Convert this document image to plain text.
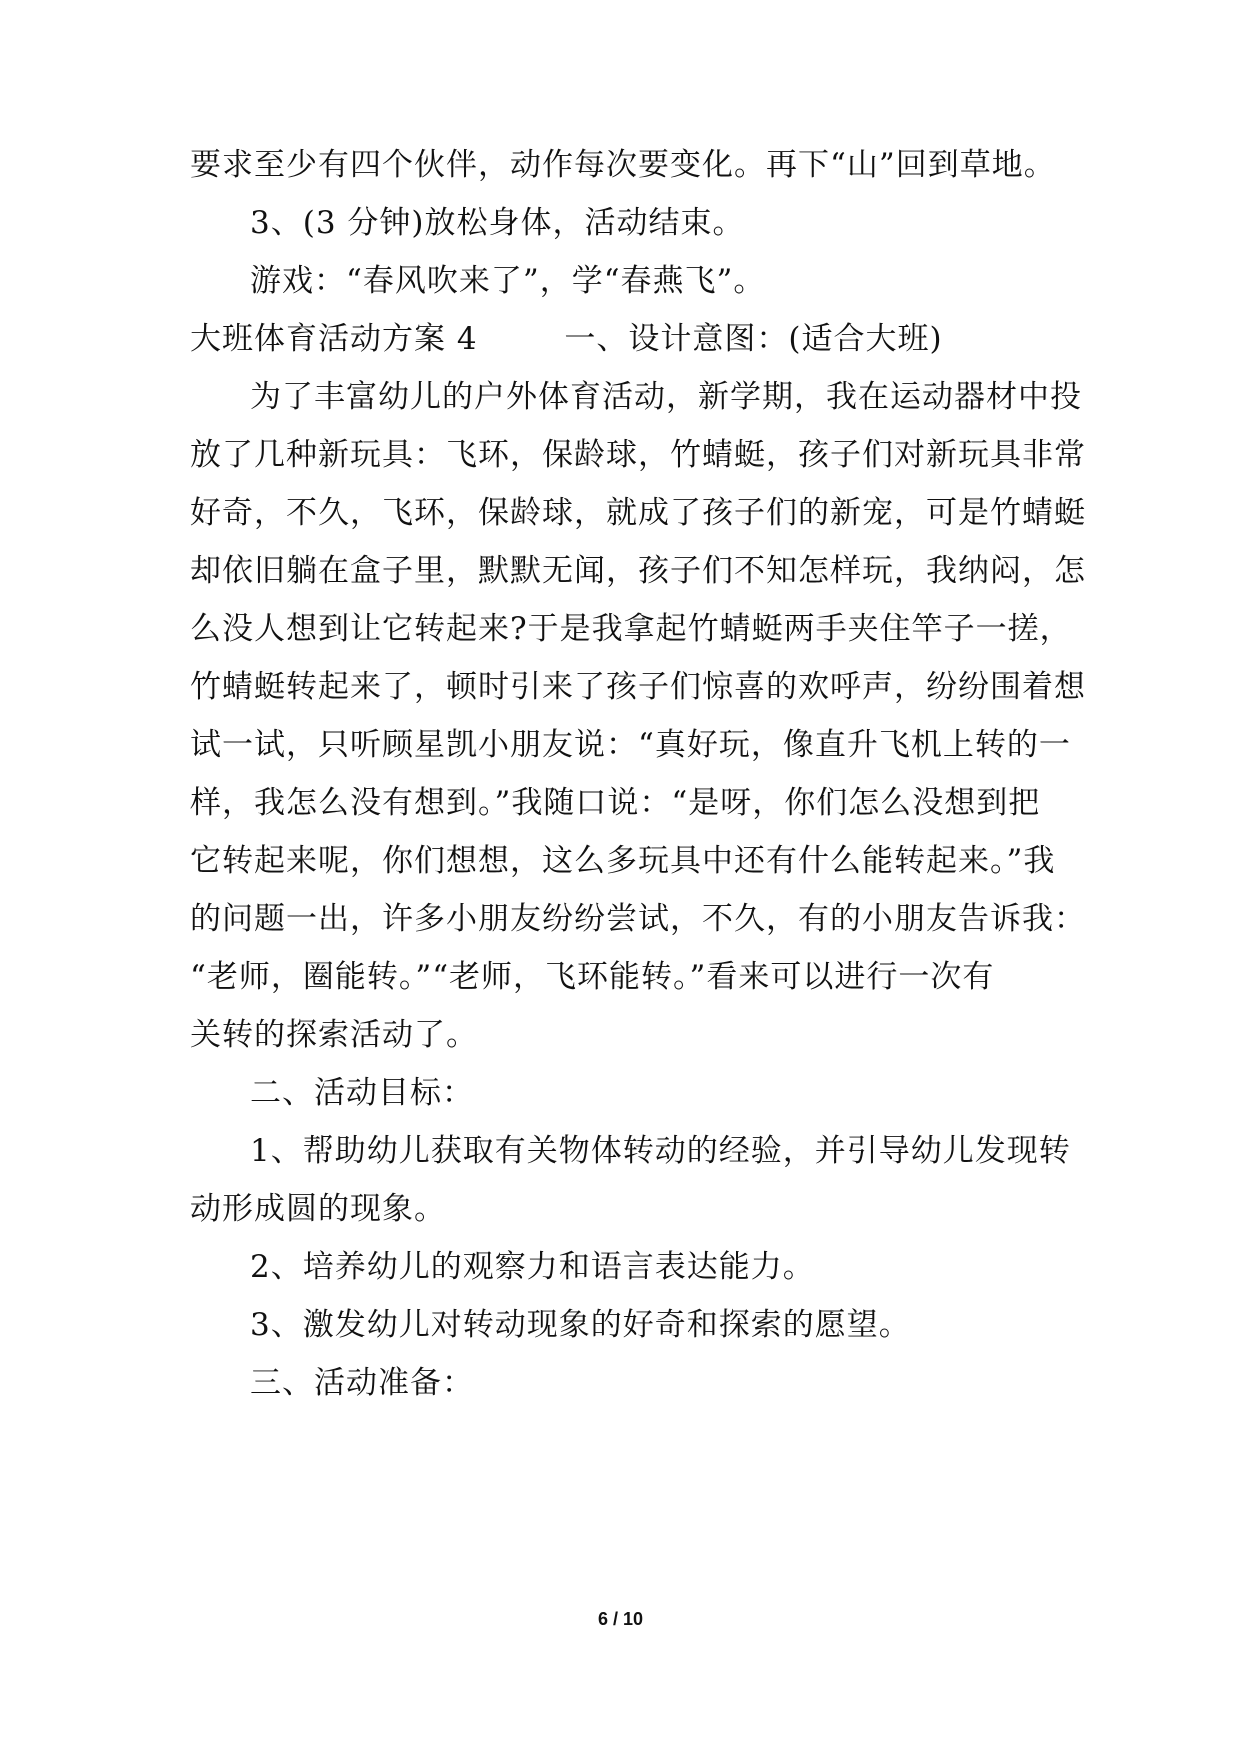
要求至少有四个伙伴，动作每次要变化。再下“山”回到草地。
3、(3 分钟)放松身体，活动结束。
游戏：“春风吹来了”，学“春燕飞”。
大班体育活动方案 4        一、设计意图：(适合大班)
为了丰富幼儿的户外体育活动，新学期，我在运动器材中投
放了几种新玩具：飞环，保龄球，竹蜻蜓，孩子们对新玩具非常
好奇，不久，飞环，保龄球，就成了孩子们的新宠，可是竹蜻蜓
却依旧躺在盒子里，默默无闻，孩子们不知怎样玩，我纳闷，怎
么没人想到让它转起来?于是我拿起竹蜻蜓两手夹住竿子一搓，
竹蜻蜓转起来了，顿时引来了孩子们惊喜的欢呼声，纷纷围着想
试一试，只听顾星凯小朋友说：“真好玩，像直升飞机上转的一
样，我怎么没有想到。”我随口说：“是呀，你们怎么没想到把
它转起来呢，你们想想，这么多玩具中还有什么能转起来。”我
的问题一出，许多小朋友纷纷尝试，不久，有的小朋友告诉我：
“老师，圈能转。”“老师，飞环能转。”看来可以进行一次有
关转的探索活动了。
二、活动目标：
1、帮助幼儿获取有关物体转动的经验，并引导幼儿发现转
动形成圆的现象。
2、培养幼儿的观察力和语言表达能力。
3、激发幼儿对转动现象的好奇和探索的愿望。
三、活动准备：
6 / 10
